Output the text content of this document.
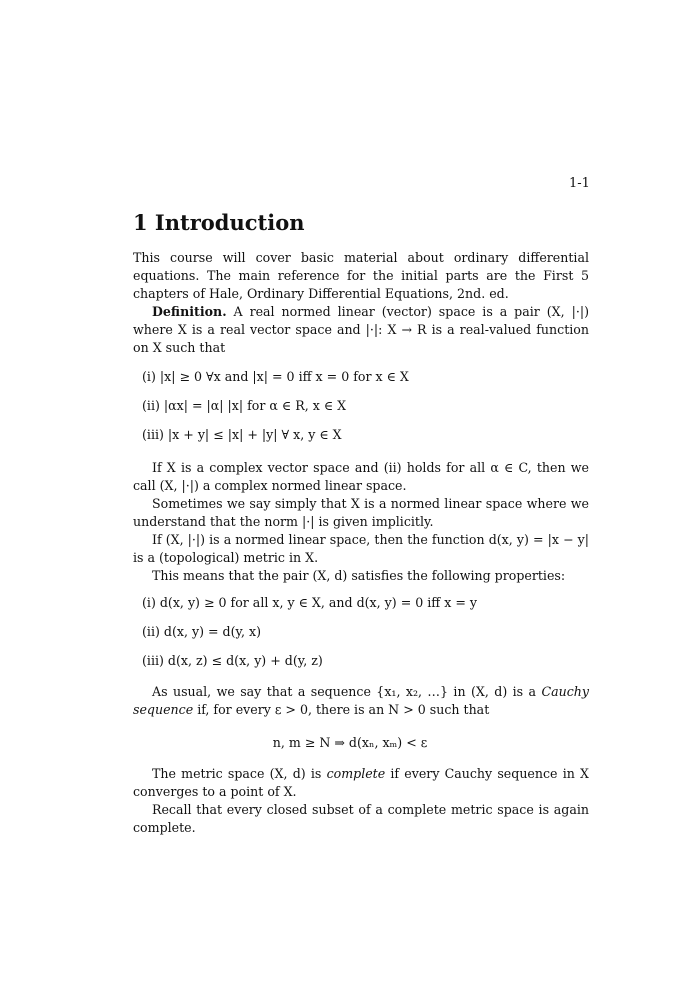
1-1
1 Introduction

This course will cover basic material about ordinary differential equations. The main reference for the initial parts are the First 5 chapters of Hale, Ordinary Differential Equations, 2nd. ed.

Definition. A real normed linear (vector) space is a pair (X, |·|) where X is a real vector space and |·|: X → R is a real-valued function on X such that

(i) |x| ≥ 0 ∀x and |x| = 0 iff x = 0 for x ∈ X

(ii) |αx| = |α| |x| for α ∈ R, x ∈ X

(iii) |x + y| ≤ |x| + |y| ∀ x, y ∈ X

If X is a complex vector space and (ii) holds for all α ∈ C, then we call (X, |·|) a complex normed linear space.

Sometimes we say simply that X is a normed linear space where we understand that the norm |·| is given implicitly.

If (X, |·|) is a normed linear space, then the function d(x, y) = |x − y| is a (topological) metric in X.

This means that the pair (X, d) satisfies the following properties:

(i) d(x, y) ≥ 0 for all x, y ∈ X, and d(x, y) = 0 iff x = y

(ii) d(x, y) = d(y, x)

(iii) d(x, z) ≤ d(x, y) + d(y, z)

As usual, we say that a sequence {x₁, x₂, …} in (X, d) is a Cauchy sequence if, for every ε > 0, there is an N > 0 such that

n, m ≥ N ⇒ d(xₙ, xₘ) < ε

The metric space (X, d) is complete if every Cauchy sequence in X converges to a point of X.

Recall that every closed subset of a complete metric space is again complete.
